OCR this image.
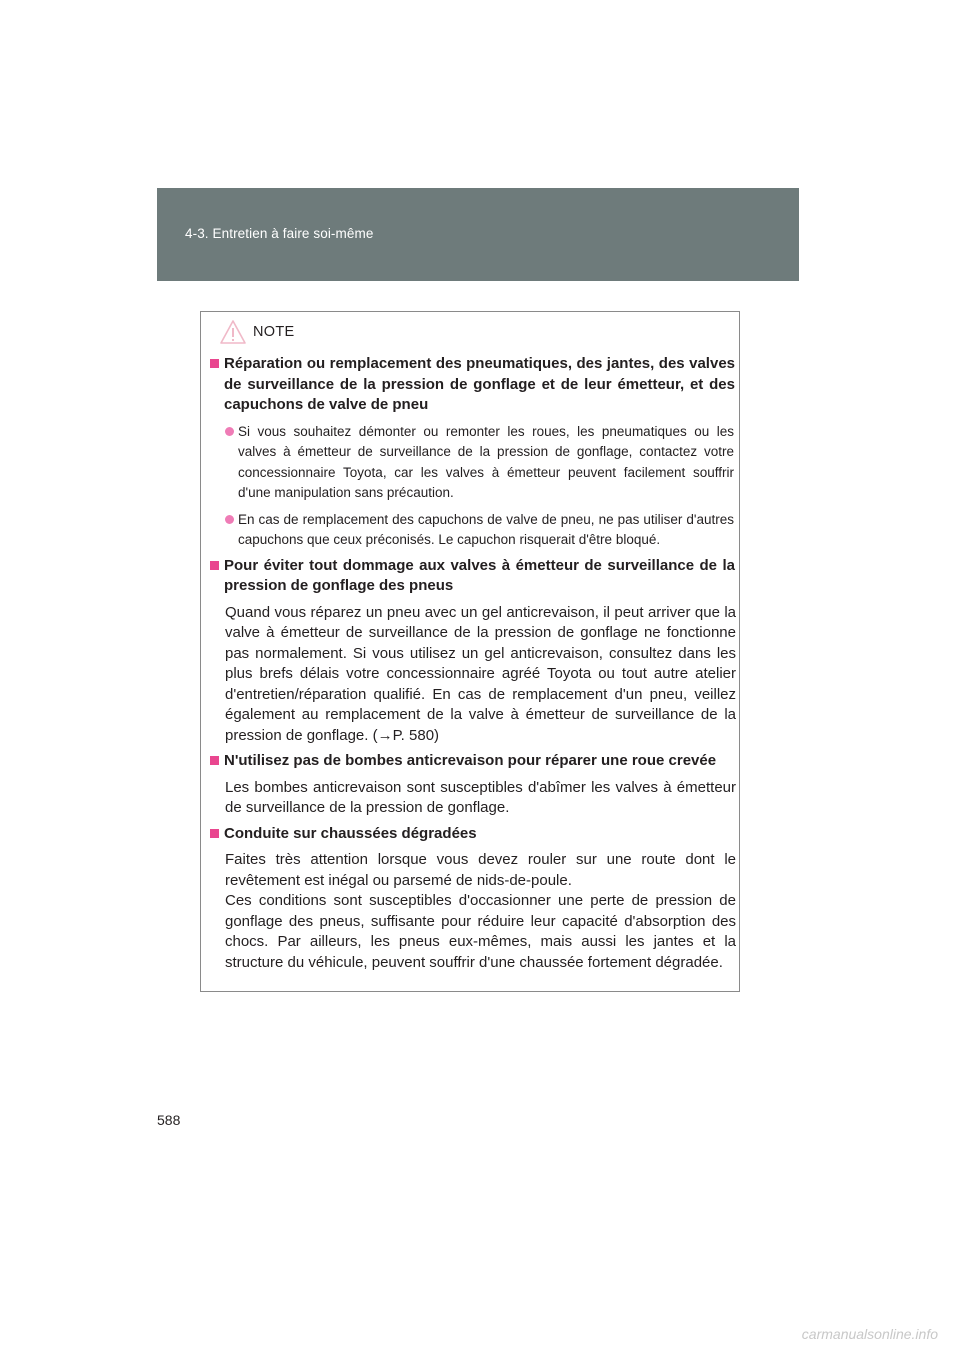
4-3. Entretien à faire soi-même
NOTE
Réparation ou remplacement des pneumatiques, des jantes, des valves de surveillance de la pression de gonflage et de leur émetteur, et des capuchons de valve de pneu
Si vous souhaitez démonter ou remonter les roues, les pneumatiques ou les valves à émetteur de surveillance de la pression de gonflage, contactez votre concessionnaire Toyota, car les valves à émetteur peuvent facilement souffrir d'une manipulation sans précaution.
En cas de remplacement des capuchons de valve de pneu, ne pas utiliser d'autres capuchons que ceux préconisés. Le capuchon risquerait d'être bloqué.
Pour éviter tout dommage aux valves à émetteur de surveillance de la pression de gonflage des pneus
Quand vous réparez un pneu avec un gel anticrevaison, il peut arriver que la valve à émetteur de surveillance de la pression de gonflage ne fonctionne pas normalement. Si vous utilisez un gel anticrevaison, consultez dans les plus brefs délais votre concessionnaire agréé Toyota ou tout autre atelier d'entretien/réparation qualifié. En cas de remplacement d'un pneu, veillez également au remplacement de la valve à émetteur de surveillance de la pression de gonflage. (→P. 580)
N'utilisez pas de bombes anticrevaison pour réparer une roue crevée
Les bombes anticrevaison sont susceptibles d'abîmer les valves à émetteur de surveillance de la pression de gonflage.
Conduite sur chaussées dégradées
Faites très attention lorsque vous devez rouler sur une route dont le revêtement est inégal ou parsemé de nids-de-poule.
Ces conditions sont susceptibles d'occasionner une perte de pression de gonflage des pneus, suffisante pour réduire leur capacité d'absorption des chocs. Par ailleurs, les pneus eux-mêmes, mais aussi les jantes et la structure du véhicule, peuvent souffrir d'une chaussée fortement dégradée.
588
carmanualsonline.info
